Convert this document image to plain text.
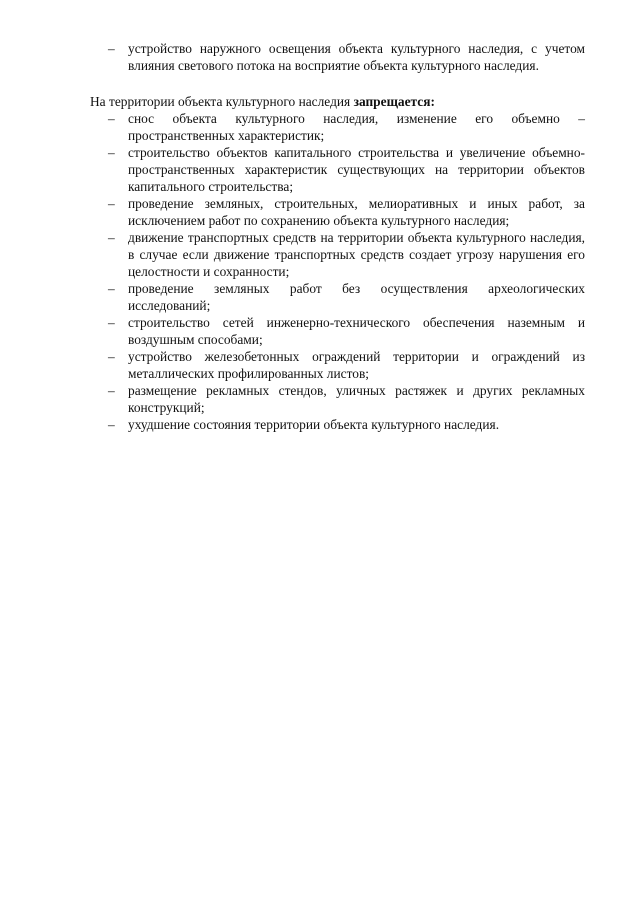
– устройство наружного освещения объекта культурного наследия, с учетом влияния светового потока на восприятие объекта культурного наследия.

На территории объекта культурного наследия запрещается:

– снос объекта культурного наследия, изменение его объемно – пространственных характеристик;
– строительство объектов капитального строительства и увеличение объемно-пространственных характеристик существующих на территории объектов капитального строительства;
– проведение земляных, строительных, мелиоративных и иных работ, за исключением работ по сохранению объекта культурного наследия;
– движение транспортных средств на территории объекта культурного наследия, в случае если движение транспортных средств создает угрозу нарушения его целостности и сохранности;
– проведение земляных работ без осуществления археологических исследований;
– строительство сетей инженерно-технического обеспечения наземным и воздушным способами;
– устройство железобетонных ограждений территории и ограждений из металлических профилированных листов;
– размещение рекламных стендов, уличных растяжек и других рекламных конструкций;
– ухудшение состояния территории объекта культурного наследия.
